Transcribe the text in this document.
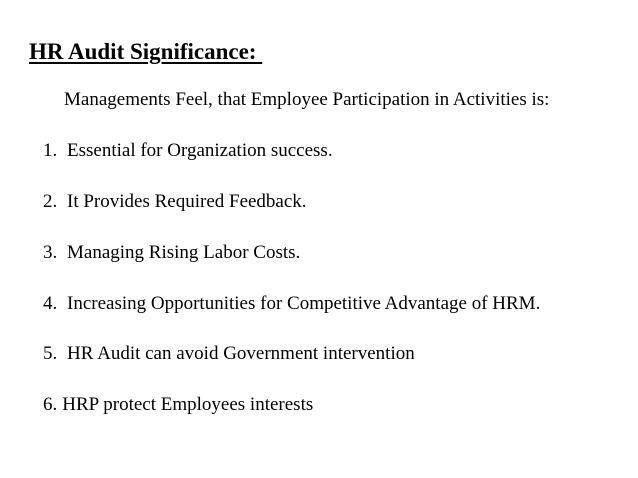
HR Audit Significance:
Managements Feel, that Employee Participation in Activities is:
1. Essential for Organization success.
2. It Provides Required Feedback.
3. Managing Rising Labor Costs.
4. Increasing Opportunities for Competitive Advantage of HRM.
5. HR Audit can avoid Government intervention
6. HRP protect Employees interests
